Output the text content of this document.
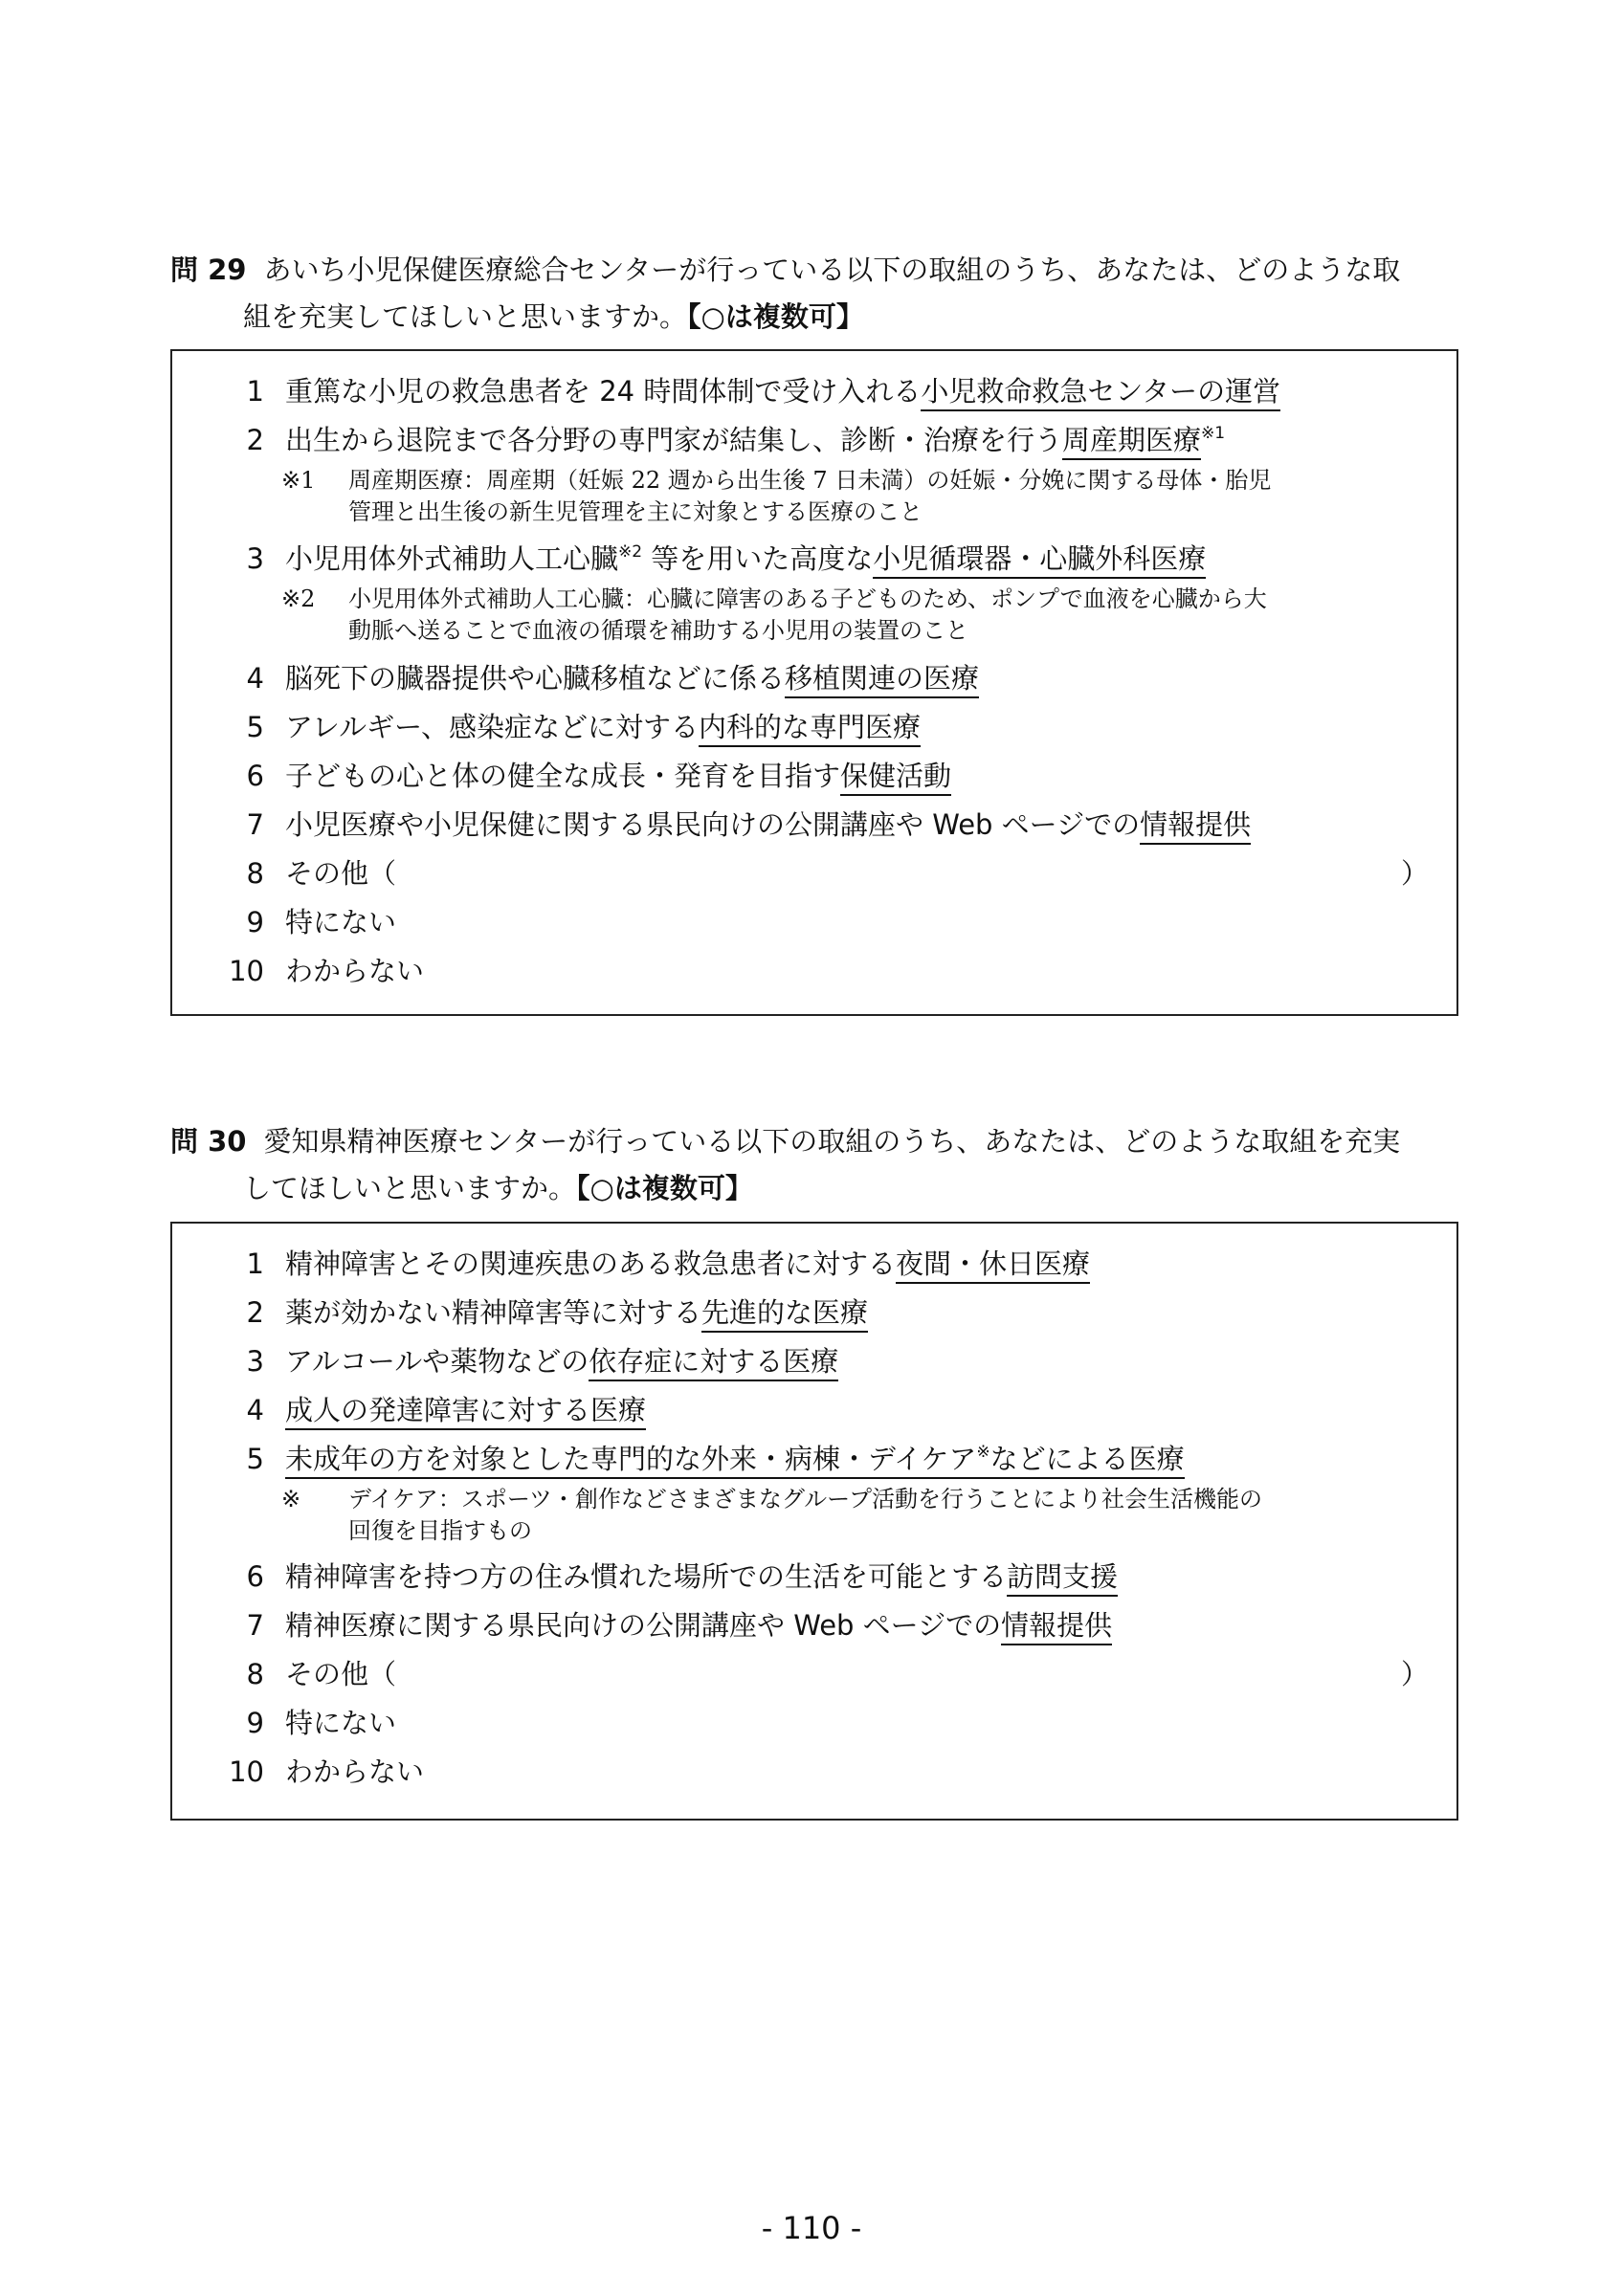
問 29 あいち小児保健医療総合センターが行っている以下の取組のうち、あなたは、どのような取
組を充実してほしいと思いますか。【○は複数可】
1 重篤な小児の救急患者を 24 時間体制で受け入れる小児救命救急センターの運営
2 出生から退院まで各分野の専門家が結集し、診断・治療を行う周産期医療$^{※1}$
※1 周産期医療：周産期（妊娠 22 週から出生後 7 日未満）の妊娠・分娩に関する母体・胎児
管理と出生後の新生児管理を主に対象とする医療のこと
3 小児用体外式補助人工心臓$^{※2}$ 等を用いた高度な小児循環器・心臓外科医療
※2 小児用体外式補助人工心臓：心臓に障害のある子どものため、ポンプで血液を心臓から大
動脈へ送ることで血液の循環を補助する小児用の装置のこと
4 脳死下の臓器提供や心臓移植などに係る移植関連の医療
5 アレルギー、感染症などに対する内科的な専門医療
6 子どもの心と体の健全な成長・発育を目指す保健活動
7 小児医療や小児保健に関する県民向けの公開講座や Web ページでの情報提供
8 その他（	）
9 特にない
10 わからない
問 30 愛知県精神医療センターが行っている以下の取組のうち、あなたは、どのような取組を充実
してほしいと思いますか。【○は複数可】
1 精神障害とその関連疾患のある救急患者に対する夜間・休日医療
2 薬が効かない精神障害等に対する先進的な医療
3 アルコールや薬物などの依存症に対する医療
4 成人の発達障害に対する医療
5 未成年の方を対象とした専門的な外来・病棟・デイケア※などによる医療
※ デイケア：スポーツ・創作などさまざまなグループ活動を行うことにより社会生活機能の
回復を目指すもの
6 精神障害を持つ方の住み慣れた場所での生活を可能とする訪問支援
7 精神医療に関する県民向けの公開講座や Web ページでの情報提供
8 その他（	）
9 特にない
10 わからない
- 110 -
